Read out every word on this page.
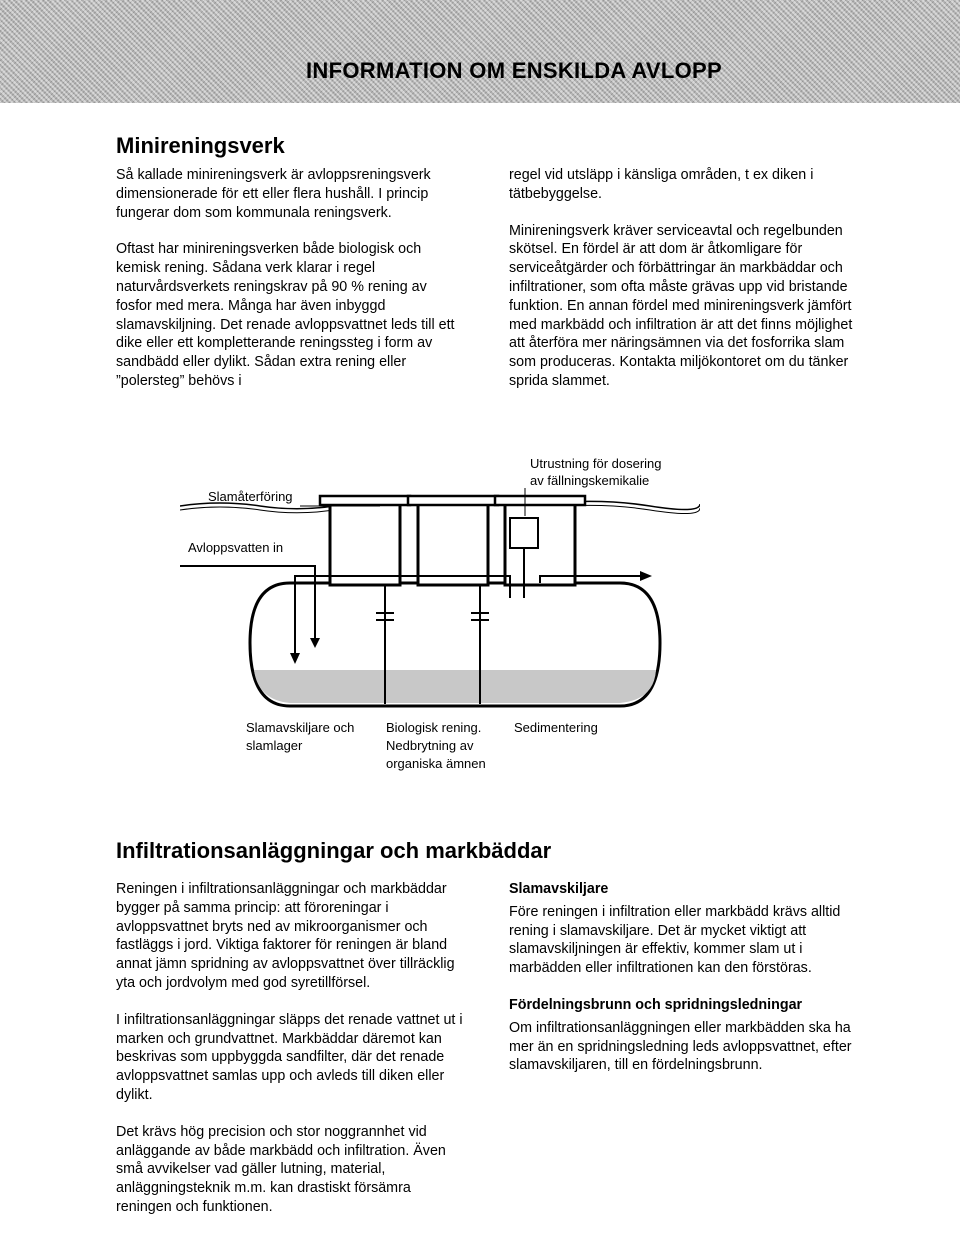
INFORMATION OM ENSKILDA AVLOPP
Minireningsverk

Så kallade minireningsverk är avloppsreningsverk dimensionerade för ett eller flera hushåll. I princip fungerar dom som kommunala reningsverk.

Oftast har minireningsverken både biologisk och kemisk rening. Sådana verk klarar i regel naturvårdsverkets reningskrav på 90 % rening av fosfor med mera. Många har även inbyggd slamavskiljning. Det renade avloppsvattnet leds till ett dike eller ett kompletterande reningssteg i form av sandbädd eller dylikt. Sådan extra rening eller ”polersteg” behövs i

regel vid utsläpp i känsliga områden, t ex diken i tätbebyggelse.

Minireningsverk kräver serviceavtal och regelbunden skötsel. En fördel är att dom är åtkomligare för serviceåtgärder och förbättringar än markbäddar och infiltrationer, som ofta måste grävas upp vid bristande funktion. En annan fördel med minireningsverk jämfört med markbädd och infiltration är att det finns möjlighet att återföra mer näringsämnen via det fosforrika slam som produceras. Kontakta miljökontoret om du tänker sprida slammet.

Utrustning för dosering
av fällningskemikalie
Slamåterföring
Avloppsvatten in
Slamavskiljare och
slamlager
Biologisk rening.
Nedbrytning av
organiska ämnen
Sedimentering
Infiltrationsanläggningar och markbäddar

Reningen i infiltrationsanläggningar och markbäddar bygger på samma princip: att föroreningar i avloppsvattnet bryts ned av mikroorganismer och fastläggs i jord. Viktiga faktorer för reningen är bland annat jämn spridning av avloppsvattnet över tillräcklig yta och jordvolym med god syretillförsel.

I infiltrationsanläggningar släpps det renade vattnet ut i marken och grundvattnet. Markbäddar däremot kan beskrivas som uppbyggda sandfilter, där det renade avloppsvattnet samlas upp och avleds till diken eller dylikt.

Det krävs hög precision och stor noggrannhet vid anläggande av både markbädd och infiltration. Även små avvikelser vad gäller lutning, material, anläggningsteknik m.m. kan drastiskt försämra reningen och funktionen.

Slamavskiljare

Före reningen i infiltration eller markbädd krävs alltid rening i slamavskiljare. Det är mycket viktigt att slamavskiljningen är effektiv, kommer slam ut i marbädden eller infiltrationen kan den förstöras.

Fördelningsbrunn och spridningsledningar

Om infiltrationsanläggningen eller markbädden ska ha mer än en spridningsledning leds avloppsvattnet, efter slamavskiljaren, till en fördelningsbrunn.
